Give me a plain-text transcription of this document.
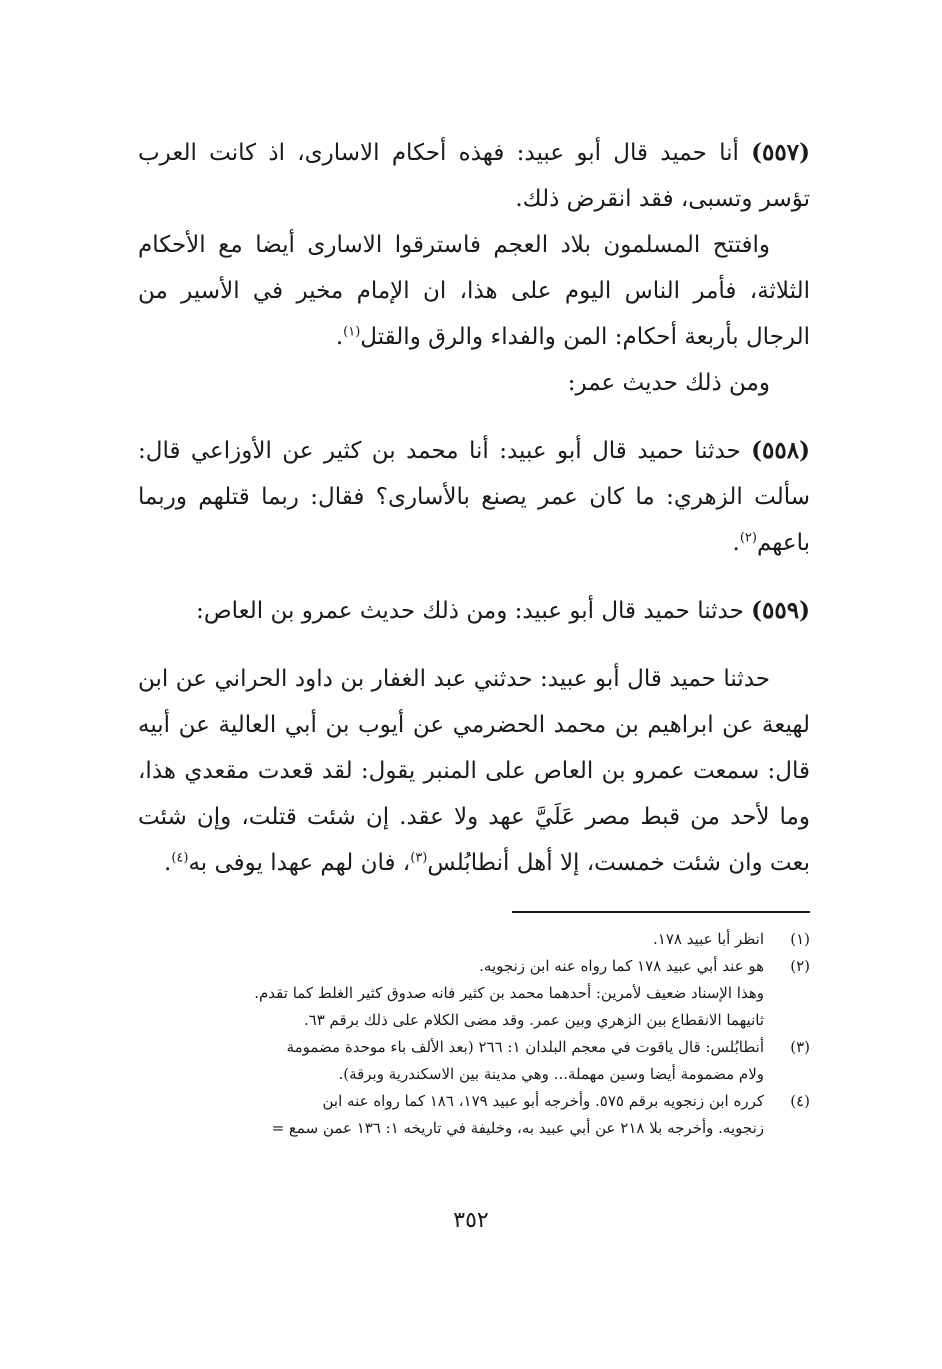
(٥٥٧) أنا حميد قال أبو عبيد: فهذه أحكام الاسارى، اذ كانت العرب تؤسر وتسبى، فقد انقرض ذلك.

وافتتح المسلمون بلاد العجم فاسترقوا الاسارى أيضا مع الأحكام الثلاثة، فأمر الناس اليوم على هذا، ان الإمام مخير في الأسير من الرجال بأربعة أحكام: المن والفداء والرق والقتل$^{(١)}$.

ومن ذلك حديث عمر:

(٥٥٨) حدثنا حميد قال أبو عبيد: أنا محمد بن كثير عن الأوزاعي قال: سألت الزهري: ما كان عمر يصنع بالأسارى؟ فقال: ربما قتلهم وربما باعهم$^{(٢)}$.

(٥٥٩) حدثنا حميد قال أبو عبيد: ومن ذلك حديث عمرو بن العاص:

حدثنا حميد قال أبو عبيد: حدثني عبد الغفار بن داود الحراني عن ابن لهيعة عن ابراهيم بن محمد الحضرمي عن أيوب بن أبي العالية عن أبيه قال: سمعت عمرو بن العاص على المنبر يقول: لقد قعدت مقعدي هذا، وما لأحد من قبط مصر عَلَيَّ عهد ولا عقد. إن شئت قتلت، وإن شئت بعت وان شئت خمست، إلا أهل أنطابُلس$^{(٣)}$، فان لهم عهدا يوفى به$^{(٤)}$.

(١)
انظر أبا عبيد ١٧٨.
(٢)
هو عند أبي عبيد ١٧٨ كما رواه عنه ابن زنجويه.
وهذا الإسناد ضعيف لأمرين: أحدهما محمد بن كثير فانه صدوق كثير الغلط كما تقدم.
ثانيهما الانقطاع بين الزهري وبين عمر. وقد مضى الكلام على ذلك برقم ٦٣.
(٣)
أنطابُلس: قال ياقوت في معجم البلدان ١: ٢٦٦ (بعد الألف باء موحدة مضمومة
ولام مضمومة أيضا وسين مهملة... وهي مدينة بين الاسكندرية وبرقة).
(٤)
كرره ابن زنجويه برقم ٥٧٥. وأخرجه أبو عبيد ١٧٩، ١٨٦ كما رواه عنه ابن
زنجويه. وأخرجه بلا ٢١٨ عن أبي عبيد به، وخليفة في تاريخه ١: ١٣٦ عمن سمع =
٣٥٢
